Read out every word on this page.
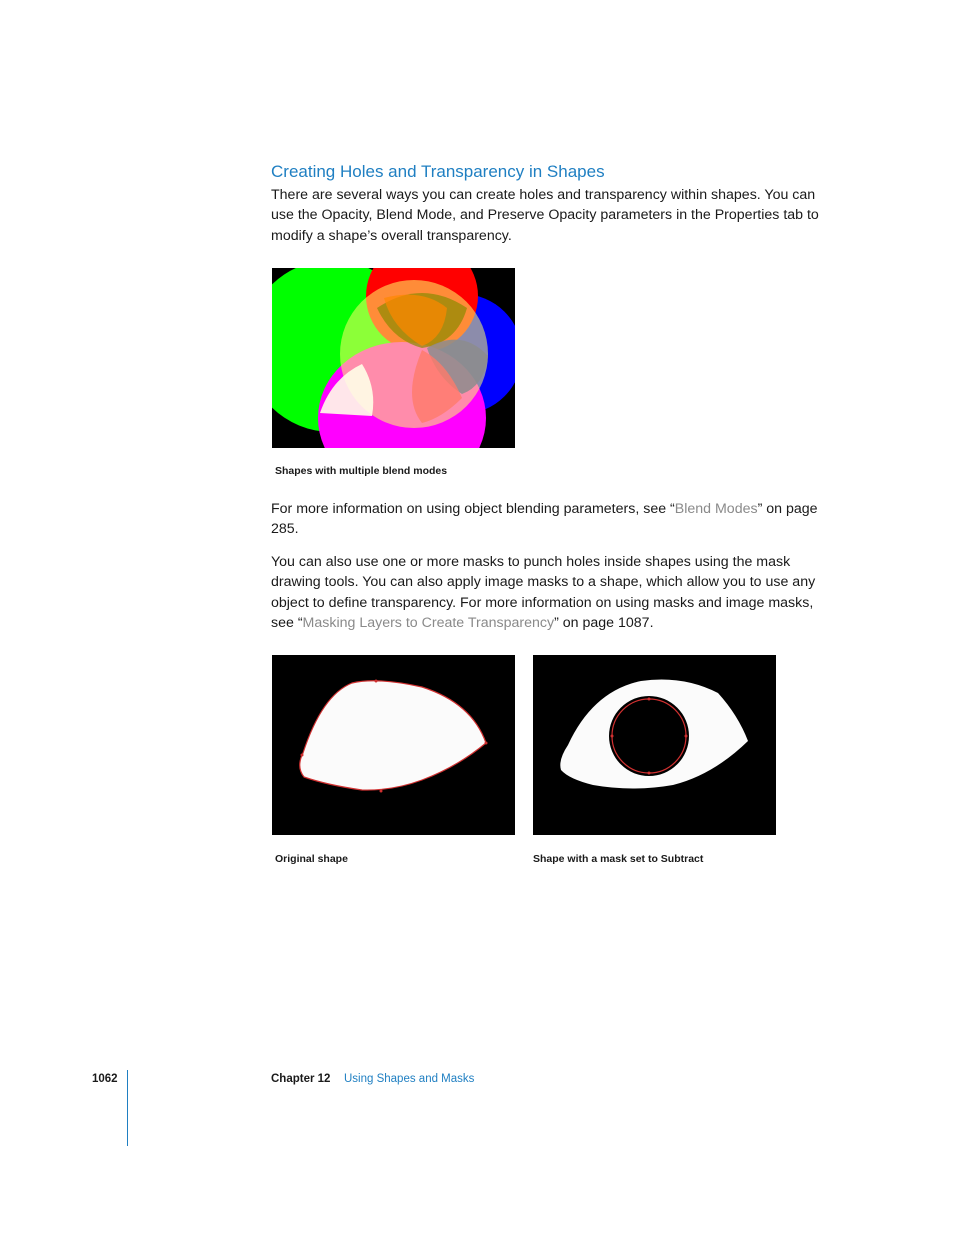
Creating Holes and Transparency in Shapes

There are several ways you can create holes and transparency within shapes. You can use the Opacity, Blend Mode, and Preserve Opacity parameters in the Properties tab to modify a shape’s overall transparency.

Shapes with multiple blend modes

For more information on using object blending parameters, see “Blend Modes” on page 285.

You can also use one or more masks to punch holes inside shapes using the mask drawing tools. You can also apply image masks to a shape, which allow you to use any object to define transparency. For more information on using masks and image masks, see “Masking Layers to Create Transparency” on page 1087.

Original shape	Shape with a mask set to Subtract
1062	Chapter 12 Using Shapes and Masks
